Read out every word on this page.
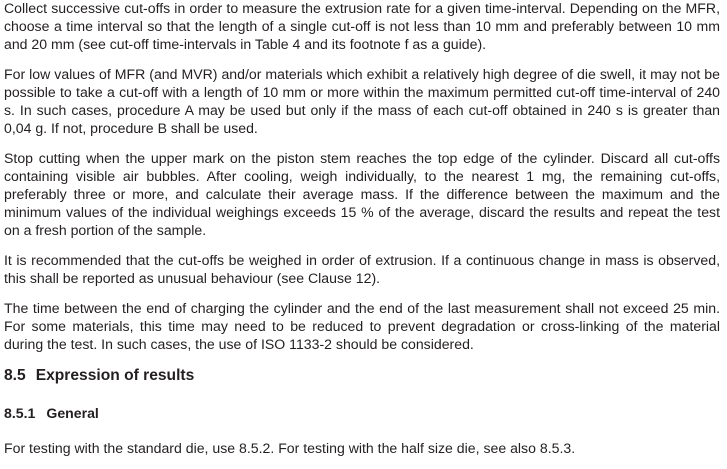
Collect successive cut-offs in order to measure the extrusion rate for a given time-interval. Depending on the MFR, choose a time interval so that the length of a single cut-off is not less than 10 mm and preferably between 10 mm and 20 mm (see cut-off time-intervals in Table 4 and its footnote f as a guide).

For low values of MFR (and MVR) and/or materials which exhibit a relatively high degree of die swell, it may not be possible to take a cut-off with a length of 10 mm or more within the maximum permitted cut-off time-interval of 240 s. In such cases, procedure A may be used but only if the mass of each cut-off obtained in 240 s is greater than 0,04 g. If not, procedure B shall be used.

Stop cutting when the upper mark on the piston stem reaches the top edge of the cylinder. Discard all cut-offs containing visible air bubbles. After cooling, weigh individually, to the nearest 1 mg, the remaining cut-offs, preferably three or more, and calculate their average mass. If the difference between the maximum and the minimum values of the individual weighings exceeds 15 % of the average, discard the results and repeat the test on a fresh portion of the sample.

It is recommended that the cut-offs be weighed in order of extrusion. If a continuous change in mass is observed, this shall be reported as unusual behaviour (see Clause 12).

The time between the end of charging the cylinder and the end of the last measurement shall not exceed 25 min. For some materials, this time may need to be reduced to prevent degradation or cross-linking of the material during the test. In such cases, the use of ISO 1133-2 should be considered.

8.5 Expression of results
8.5.1 General

For testing with the standard die, use 8.5.2. For testing with the half size die, see also 8.5.3.
